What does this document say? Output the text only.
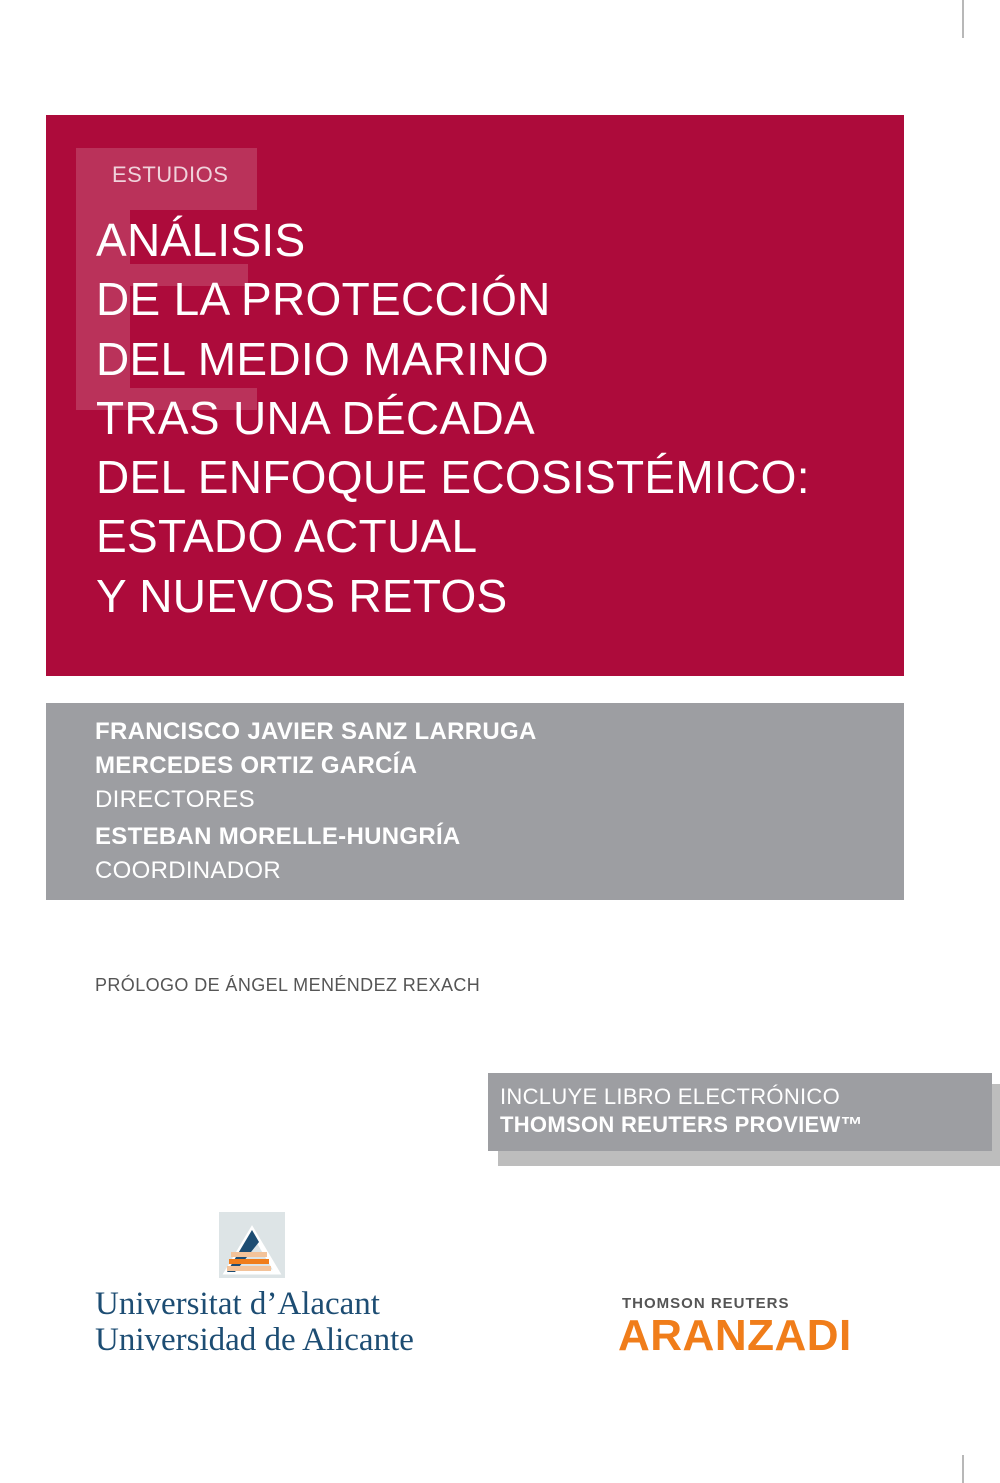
ESTUDIOS
ANÁLISIS
DE LA PROTECCIÓN
DEL MEDIO MARINO
TRAS UNA DÉCADA
DEL ENFOQUE ECOSISTÉMICO:
ESTADO ACTUAL
Y NUEVOS RETOS
FRANCISCO JAVIER SANZ LARRUGA
MERCEDES ORTIZ GARCÍA
DIRECTORES
ESTEBAN MORELLE-HUNGRÍA
COORDINADOR
PRÓLOGO DE ÁNGEL MENÉNDEZ REXACH
INCLUYE LIBRO ELECTRÓNICO
THOMSON REUTERS PROVIEW™
Universitat d’Alacant
Universidad de Alicante
THOMSON REUTERS
ARANZADI
